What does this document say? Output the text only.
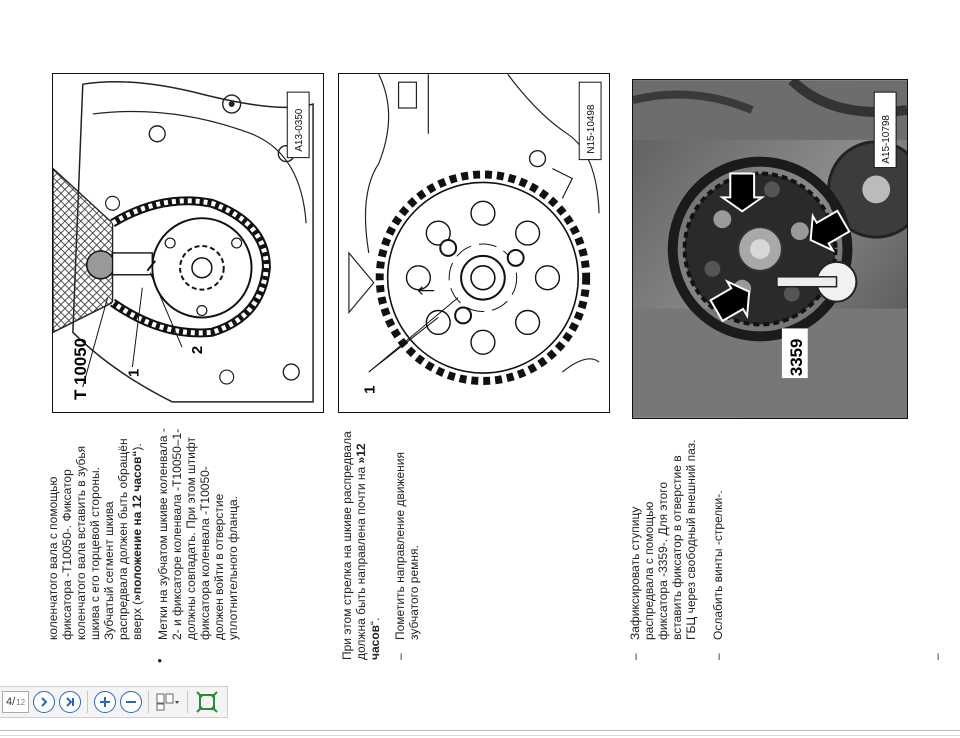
A13-0350
T 10050 1
2
N15-10498
1
A15-10798
3359
коленчатого вала с помощью фиксатора -T10050-. Фиксатор коленчатого вала вставить в зубья шкива с его торцевой стороны. Зубчатый сегмент шкива распредвала должен быть обращён вверх (»положение на 12 часов“).
•
Метки на зубчатом шкиве коленвала - 2- и фиксаторе коленвала -T10050–1- должны совпадать. При этом штифт фиксатора коленвала -T10050- должен войти в отверстие уплотнительного фланца.	При этом стрелка на шкиве распредвала должна быть направлена почти на »12
часов“.
–
Пометить направление движения зубчатого ремня.
–
Зафиксировать ступицу распредвала с помощью фиксатора -3359-. Для этого вставить фиксатор в отверстие в ГБЦ через свободный внешний паз.
–
Ослабить винты -стрелки-.
–
4 / 12
